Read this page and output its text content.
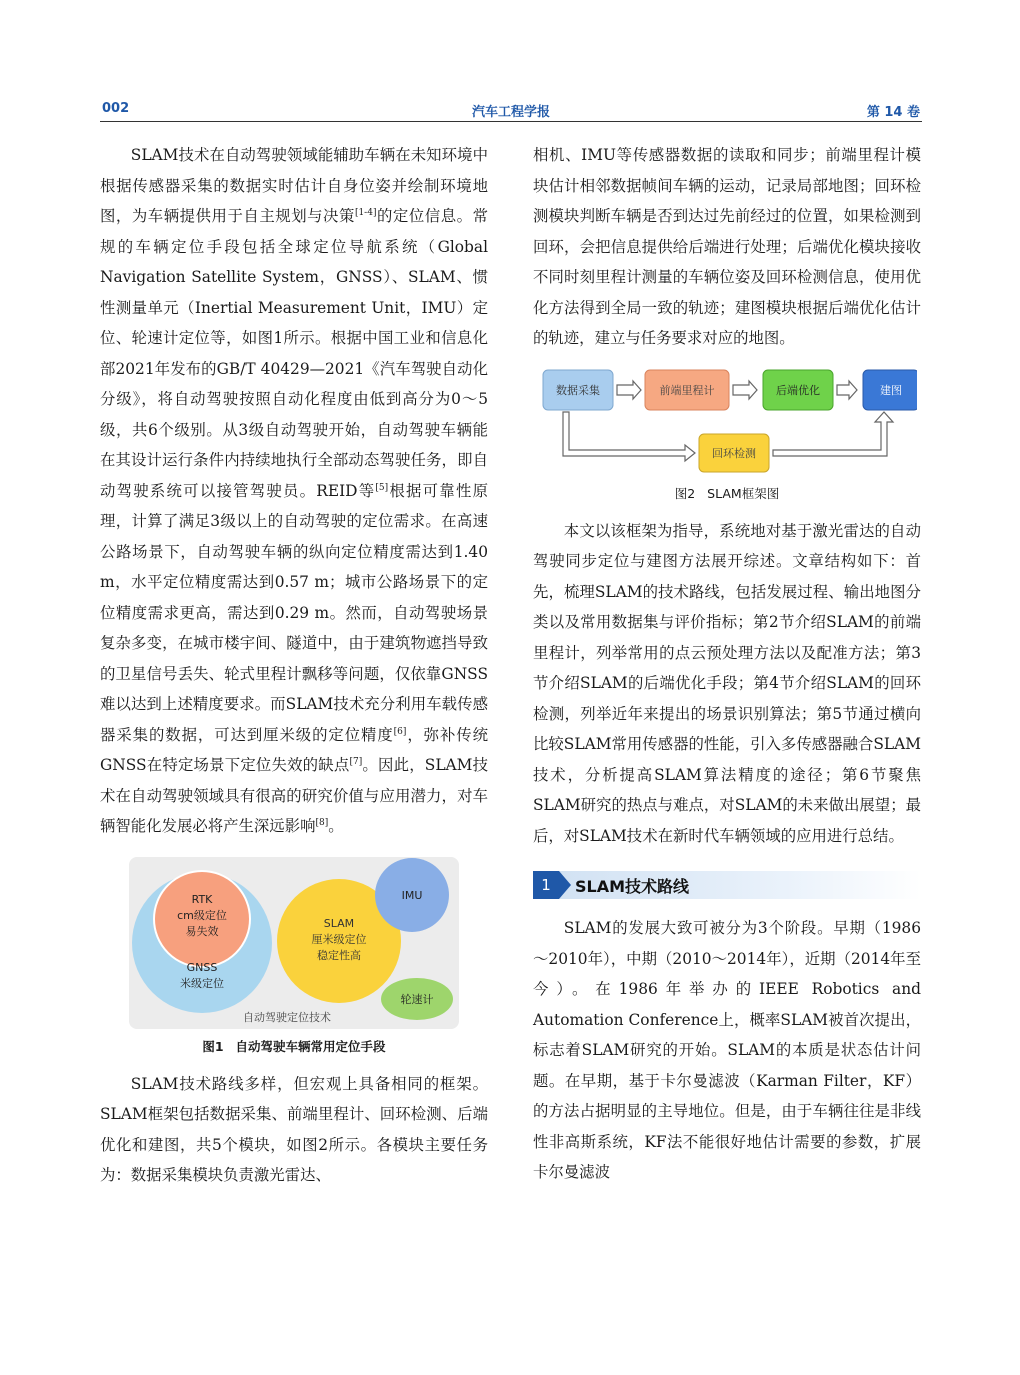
002	汽车工程学报	第 14 卷

SLAM技术在自动驾驶领域能辅助车辆在未知环境中根据传感器采集的数据实时估计自身位姿并绘制环境地图，为车辆提供用于自主规划与决策[1-4]的定位信息。常规的车辆定位手段包括全球定位导航系统（Global Navigation Satellite System，GNSS）、SLAM、惯性测量单元（Inertial Measurement Unit，IMU）定位、轮速计定位等，如图1所示。根据中国工业和信息化部2021年发布的GB/T 40429—2021《汽车驾驶自动化分级》，将自动驾驶按照自动化程度由低到高分为0～5级，共6个级别。从3级自动驾驶开始，自动驾驶车辆能在其设计运行条件内持续地执行全部动态驾驶任务，即自动驾驶系统可以接管驾驶员。REID等[5]根据可靠性原理，计算了满足3级以上的自动驾驶的定位需求。在高速公路场景下，自动驾驶车辆的纵向定位精度需达到1.40 m，水平定位精度需达到0.57 m；城市公路场景下的定位精度需求更高，需达到0.29 m。然而，自动驾驶场景复杂多变，在城市楼宇间、隧道中，由于建筑物遮挡导致的卫星信号丢失、轮式里程计飘移等问题，仅依靠GNSS难以达到上述精度要求。而SLAM技术充分利用车载传感器采集的数据，可达到厘米级的定位精度[6]，弥补传统GNSS在特定场景下定位失效的缺点[7]。因此，SLAM技术在自动驾驶领域具有很高的研究价值与应用潜力，对车辆智能化发展必将产生深远影响[8]。

RTK
cm级定位
易失效
GNSS
米级定位
SLAM
厘米级定位
稳定性高
IMU
轮速计
自动驾驶定位技术
图1 自动驾驶车辆常用定位手段

SLAM技术路线多样，但宏观上具备相同的框架。SLAM框架包括数据采集、前端里程计、回环检测、后端优化和建图，共5个模块，如图2所示。各模块主要任务为：数据采集模块负责激光雷达、

相机、IMU等传感器数据的读取和同步；前端里程计模块估计相邻数据帧间车辆的运动，记录局部地图；回环检测模块判断车辆是否到达过先前经过的位置，如果检测到回环，会把信息提供给后端进行处理；后端优化模块接收不同时刻里程计测量的车辆位姿及回环检测信息，使用优化方法得到全局一致的轨迹；建图模块根据后端优化估计的轨迹，建立与任务要求对应的地图。

数据采集	前端里程计	后端优化	建图
回环检测
图2 SLAM框架图

本文以该框架为指导，系统地对基于激光雷达的自动驾驶同步定位与建图方法展开综述。文章结构如下：首先，梳理SLAM的技术路线，包括发展过程、输出地图分类以及常用数据集与评价指标；第2节介绍SLAM的前端里程计，列举常用的点云预处理方法以及配准方法；第3节介绍SLAM的后端优化手段；第4节介绍SLAM的回环检测，列举近年来提出的场景识别算法；第5节通过横向比较SLAM常用传感器的性能，引入多传感器融合SLAM技术，分析提高SLAM算法精度的途径；第6节聚焦SLAM研究的热点与难点，对SLAM的未来做出展望；最后，对SLAM技术在新时代车辆领域的应用进行总结。

1	SLAM技术路线

SLAM的发展大致可被分为3个阶段。早期（1986～2010年），中期（2010～2014年），近期（2014年至今）。在1986年举办的IEEE Robotics and Automation Conference上，概率SLAM被首次提出，标志着SLAM研究的开始。SLAM的本质是状态估计问题。在早期，基于卡尔曼滤波（Karman Filter，KF）的方法占据明显的主导地位。但是，由于车辆往往是非线性非高斯系统，KF法不能很好地估计需要的参数，扩展卡尔曼滤波
